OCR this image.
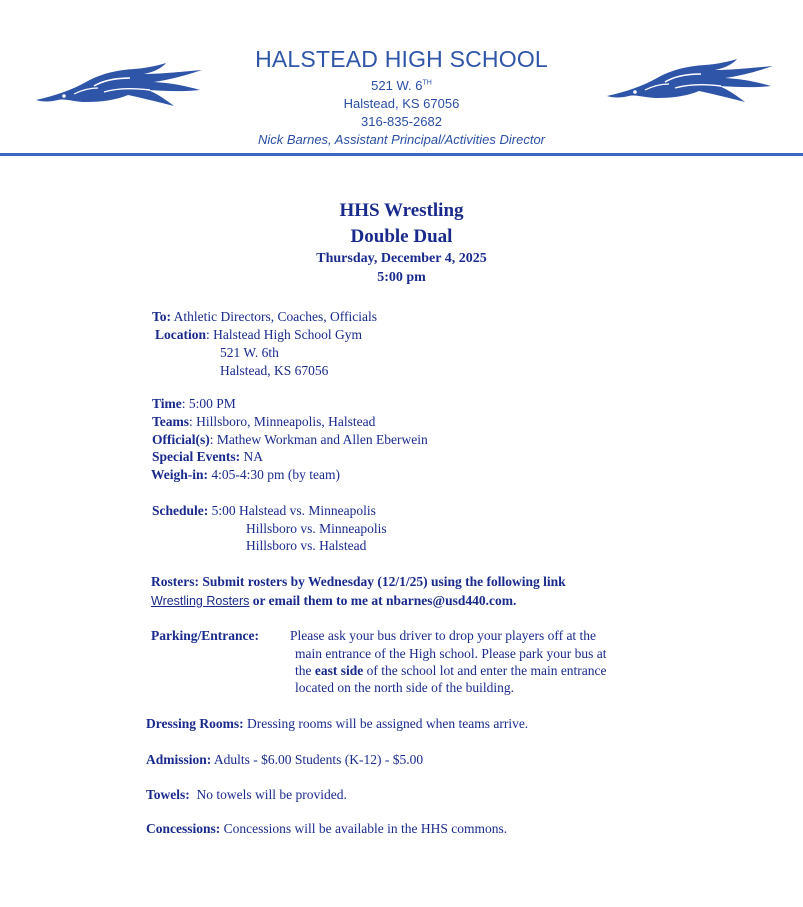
HALSTEAD HIGH SCHOOL
521 W. 6TH
Halstead, KS 67056
316-835-2682
Nick Barnes, Assistant Principal/Activities Director
HHS Wrestling
Double Dual
Thursday, December 4, 2025
5:00 pm
To: Athletic Directors, Coaches, Officials
Location: Halstead High School Gym
521 W. 6th
Halstead, KS 67056
Time: 5:00 PM
Teams: Hillsboro, Minneapolis, Halstead
Official(s): Mathew Workman and Allen Eberwein
Special Events: NA
Weigh-in: 4:05-4:30 pm (by team)
Schedule: 5:00 Halstead vs. Minneapolis
Hillsboro vs. Minneapolis
Hillsboro vs. Halstead
Rosters: Submit rosters by Wednesday (12/1/25) using the following link
Wrestling Rosters or email them to me at nbarnes@usd440.com.
Parking/Entrance: Please ask your bus driver to drop your players off at the
main entrance of the High school. Please park your bus at
the east side of the school lot and enter the main entrance
located on the north side of the building.
Dressing Rooms: Dressing rooms will be assigned when teams arrive.
Admission: Adults - $6.00 Students (K-12) - $5.00
Towels:  No towels will be provided.
Concessions: Concessions will be available in the HHS commons.
